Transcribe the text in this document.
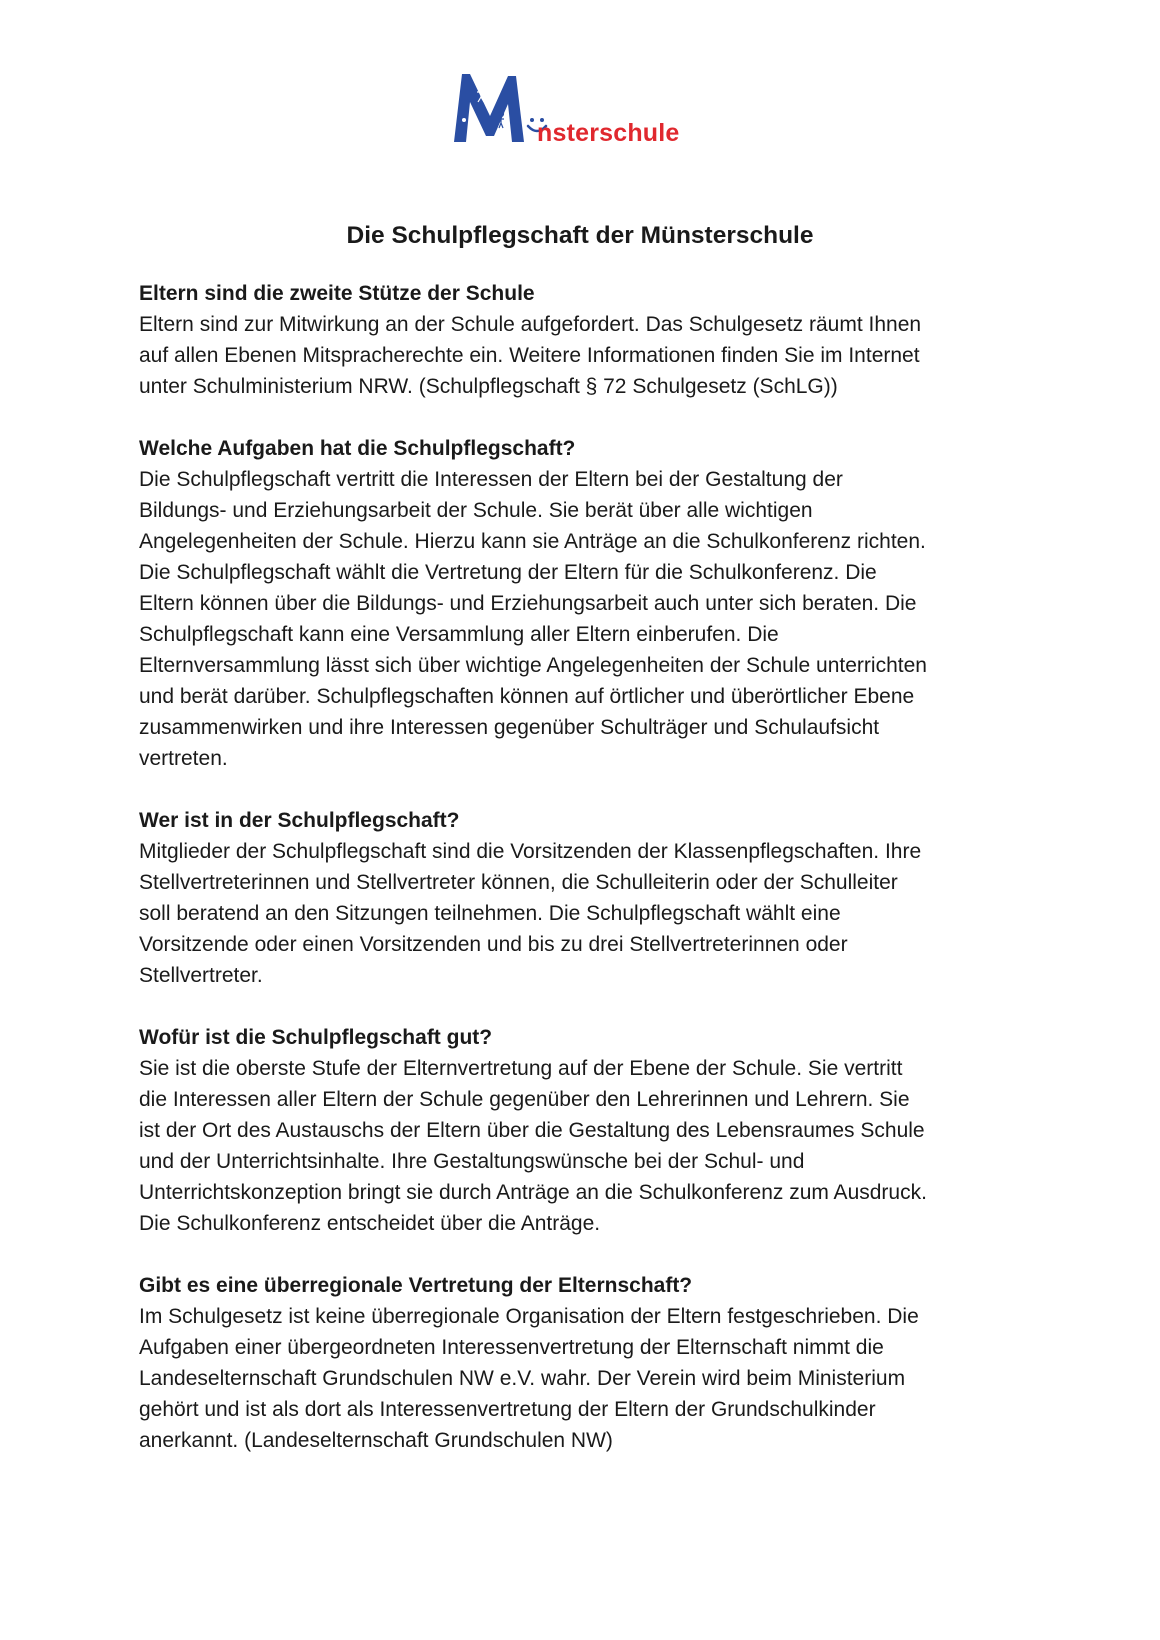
nsterschule
Die Schulpflegschaft der Münsterschule
Eltern sind die zweite Stütze der Schule
Eltern sind zur Mitwirkung an der Schule aufgefordert. Das Schulgesetz räumt Ihnen
auf allen Ebenen Mitspracherechte ein. Weitere Informationen finden Sie im Internet
unter Schulministerium NRW. (Schulpflegschaft § 72 Schulgesetz (SchLG))
Welche Aufgaben hat die Schulpflegschaft?
Die Schulpflegschaft vertritt die Interessen der Eltern bei der Gestaltung der
Bildungs- und Erziehungsarbeit der Schule. Sie berät über alle wichtigen
Angelegenheiten der Schule. Hierzu kann sie Anträge an die Schulkonferenz richten.
Die Schulpflegschaft wählt die Vertretung der Eltern für die Schulkonferenz. Die
Eltern können über die Bildungs- und Erziehungsarbeit auch unter sich beraten. Die
Schulpflegschaft kann eine Versammlung aller Eltern einberufen. Die
Elternversammlung lässt sich über wichtige Angelegenheiten der Schule unterrichten
und berät darüber. Schulpflegschaften können auf örtlicher und überörtlicher Ebene
zusammenwirken und ihre Interessen gegenüber Schulträger und Schulaufsicht
vertreten.
Wer ist in der Schulpflegschaft?
Mitglieder der Schulpflegschaft sind die Vorsitzenden der Klassenpflegschaften. Ihre
Stellvertreterinnen und Stellvertreter können, die Schulleiterin oder der Schulleiter
soll beratend an den Sitzungen teilnehmen. Die Schulpflegschaft wählt eine
Vorsitzende oder einen Vorsitzenden und bis zu drei Stellvertreterinnen oder
Stellvertreter.
Wofür ist die Schulpflegschaft gut?
Sie ist die oberste Stufe der Elternvertretung auf der Ebene der Schule. Sie vertritt
die Interessen aller Eltern der Schule gegenüber den Lehrerinnen und Lehrern. Sie
ist der Ort des Austauschs der Eltern über die Gestaltung des Lebensraumes Schule
und der Unterrichtsinhalte. Ihre Gestaltungswünsche bei der Schul- und
Unterrichtskonzeption bringt sie durch Anträge an die Schulkonferenz zum Ausdruck.
Die Schulkonferenz entscheidet über die Anträge.
Gibt es eine überregionale Vertretung der Elternschaft?
Im Schulgesetz ist keine überregionale Organisation der Eltern festgeschrieben. Die
Aufgaben einer übergeordneten Interessenvertretung der Elternschaft nimmt die
Landeselternschaft Grundschulen NW e.V. wahr. Der Verein wird beim Ministerium
gehört und ist als dort als Interessenvertretung der Eltern der Grundschulkinder
anerkannt. (Landeselternschaft Grundschulen NW)
